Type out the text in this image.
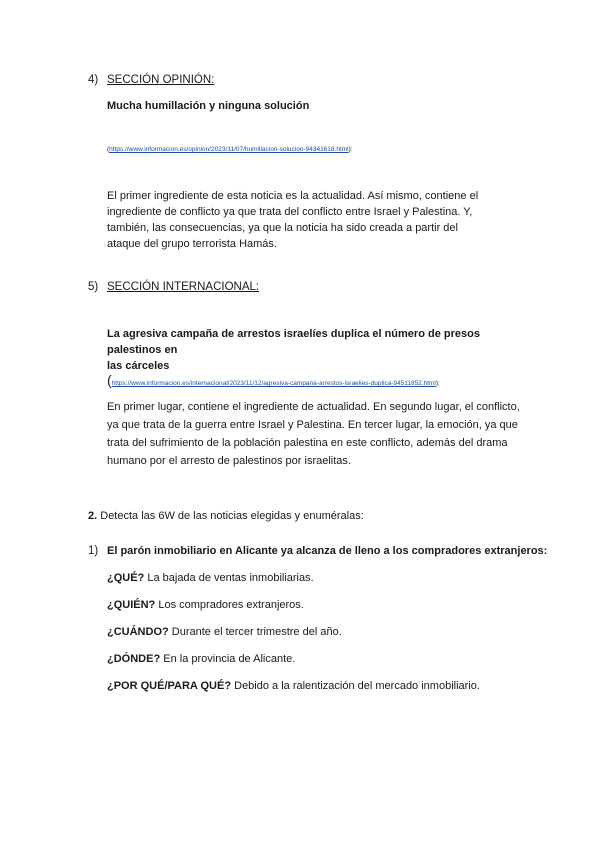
4) SECCIÓN OPINIÓN:
Mucha humillación y ninguna solución
(https://www.informacion.es/opinion/2023/11/07/humillacion-solucion-94341618.html):
El primer ingrediente de esta noticia es la actualidad. Así mismo, contiene el
ingrediente de conflicto ya que trata del conflicto entre Israel y Palestina. Y,
también, las consecuencias, ya que la noticia ha sido creada a partir del
ataque del grupo terrorista Hamás.
5) SECCIÓN INTERNACIONAL:
La agresiva campaña de arrestos israelíes duplica el número de presos palestinos en
las cárceles
(https://www.informacion.es/internacional/2023/11/12/agresiva-campana-arrestos-israelies-duplica-94511852.html):
En primer lugar, contiene el ingrediente de actualidad. En segundo lugar, el conflicto,
ya que trata de la guerra entre Israel y Palestina. En tercer lugar, la emoción, ya que
trata del sufrimiento de la población palestina en este conflicto, además del drama
humano por el arresto de palestinos por israelitas.
2. Detecta las 6W de las noticias elegidas y enuméralas:
1) El parón inmobiliario en Alicante ya alcanza de lleno a los compradores extranjeros:
¿QUÉ? La bajada de ventas inmobiliarias.
¿QUIÉN? Los compradores extranjeros.
¿CUÁNDO? Durante el tercer trimestre del año.
¿DÓNDE? En la provincia de Alicante.
¿POR QUÉ/PARA QUÉ? Debido a la ralentización del mercado inmobiliario.
